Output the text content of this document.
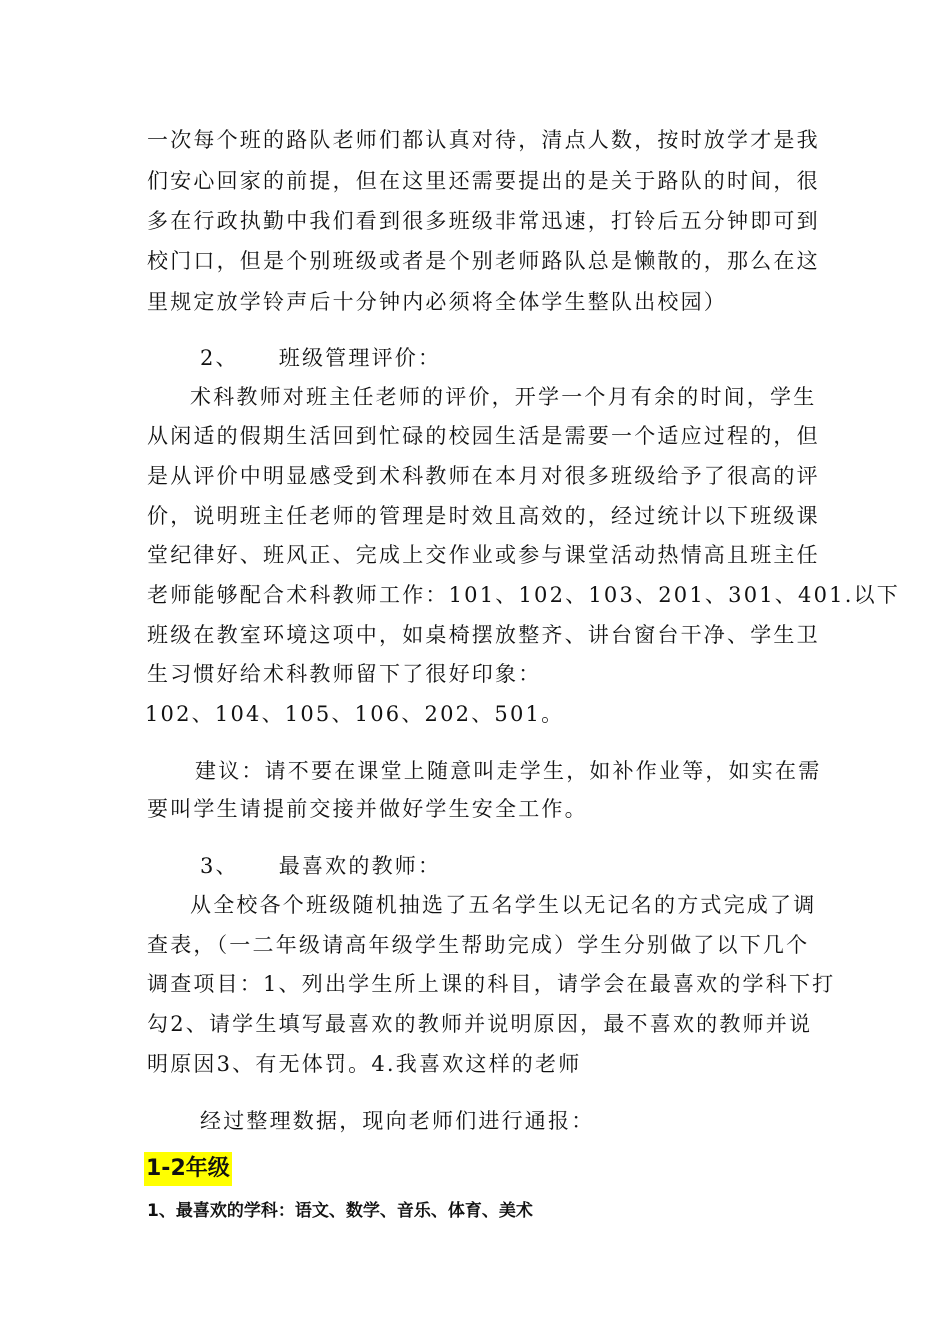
一次每个班的路队老师们都认真对待，清点人数，按时放学才是我
们安心回家的前提，但在这里还需要提出的是关于路队的时间，很
多在行政执勤中我们看到很多班级非常迅速，打铃后五分钟即可到
校门口，但是个别班级或者是个别老师路队总是懒散的，那么在这
里规定放学铃声后十分钟内必须将全体学生整队出校园）
2、 班级管理评价：
术科教师对班主任老师的评价，开学一个月有余的时间，学生
从闲适的假期生活回到忙碌的校园生活是需要一个适应过程的，但
是从评价中明显感受到术科教师在本月对很多班级给予了很高的评
价，说明班主任老师的管理是时效且高效的，经过统计以下班级课
堂纪律好、班风正、完成上交作业或参与课堂活动热情高且班主任
老师能够配合术科教师工作：101、102、103、201、301、401.以下
班级在教室环境这项中，如桌椅摆放整齐、讲台窗台干净、学生卫
生习惯好给术科教师留下了很好印象：
102、104、105、106、202、501。
建议：请不要在课堂上随意叫走学生，如补作业等，如实在需
要叫学生请提前交接并做好学生安全工作。
3、 最喜欢的教师：
从全校各个班级随机抽选了五名学生以无记名的方式完成了调
查表，（一二年级请高年级学生帮助完成）学生分别做了以下几个
调查项目：1、列出学生所上课的科目，请学会在最喜欢的学科下打
勾2、请学生填写最喜欢的教师并说明原因，最不喜欢的教师并说
明原因3、有无体罚。4.我喜欢这样的老师
经过整理数据，现向老师们进行通报：
1-2年级
1、最喜欢的学科：语文、数学、音乐、体育、美术
